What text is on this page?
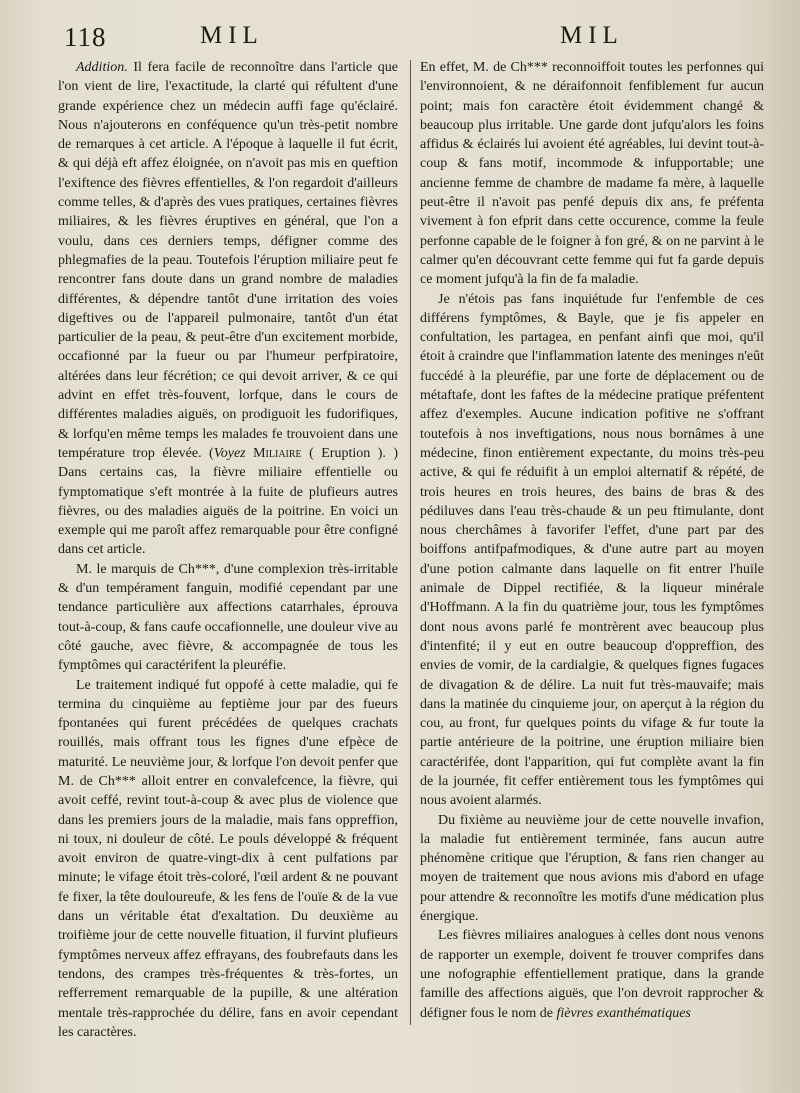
118	MIL	MIL

Addition. Il fera facile de reconnoître dans l'article que l'on vient de lire, l'exactitude, la clarté qui réfultent d'une grande expérience chez un médecin auffi fage qu'éclairé. Nous n'ajouterons en conféquence qu'un très-petit nombre de remarques à cet article. A l'époque à laquelle il fut écrit, & qui déjà eft affez éloignée, on n'avoit pas mis en queftion l'exiftence des fièvres effentielles, & l'on regardoit d'ailleurs comme telles, & d'après des vues pratiques, certaines fièvres miliaires, & les fièvres éruptives en général, que l'on a voulu, dans ces derniers temps, défigner comme des phlegmafies de la peau. Toutefois l'éruption miliaire peut fe rencontrer fans doute dans un grand nombre de maladies différentes, & dépendre tantôt d'une irritation des voies digeftives ou de l'appareil pulmonaire, tantôt d'un état particulier de la peau, & peut-être d'un excitement morbide, occafionné par la fueur ou par l'humeur perfpiratoire, altérées dans leur fécrétion; ce qui devoit arriver, & ce qui advint en effet très-fouvent, lorfque, dans le cours de différentes maladies aiguës, on prodiguoit les fudorifiques, & lorfqu'en même temps les malades fe trouvoient dans une température trop élevée. (Voyez Miliaire ( Eruption ). ) Dans certains cas, la fièvre miliaire effentielle ou fymptomatique s'eft montrée à la fuite de plufieurs autres fièvres, ou des maladies aiguës de la poitrine. En voici un exemple qui me paroît affez remarquable pour être configné dans cet article.

M. le marquis de Ch***, d'une complexion très-irritable & d'un tempérament fanguin, modifié cependant par une tendance particulière aux affections catarrhales, éprouva tout-à-coup, & fans caufe occafionnelle, une douleur vive au côté gauche, avec fièvre, & accompagnée de tous les fymptômes qui caractérifent la pleuréfie.

Le traitement indiqué fut oppofé à cette maladie, qui fe termina du cinquième au feptième jour par des fueurs fpontanées qui furent précédées de quelques crachats rouillés, mais offrant tous les fignes d'une efpèce de maturité. Le neuvième jour, & lorfque l'on devoit penfer que M. de Ch*** alloit entrer en convalefcence, la fièvre, qui avoit ceffé, revint tout-à-coup & avec plus de violence que dans les premiers jours de la maladie, mais fans oppreffion, ni toux, ni douleur de côté. Le pouls développé & fréquent avoit environ de quatre-vingt-dix à cent pulfations par minute; le vifage étoit très-coloré, l'œil ardent & ne pouvant fe fixer, la tête douloureufe, & les fens de l'ouïe & de la vue dans un véritable état d'exaltation. Du deuxième au troifième jour de cette nouvelle fituation, il furvint plufieurs fymptômes nerveux affez effrayans, des foubrefauts dans les tendons, des crampes très-fréquentes & très-fortes, un refferrement remarquable de la pupille, & une altération mentale très-rapprochée du délire, fans en avoir cependant les caractères.

En effet, M. de Ch*** reconnoiffoit toutes les perfonnes qui l'environnoient, & ne déraifonnoit fenfiblement fur aucun point; mais fon caractère étoit évidemment changé & beaucoup plus irritable. Une garde dont jufqu'alors les foins affidus & éclairés lui avoient été agréables, lui devint tout-à-coup & fans motif, incommode & infupportable; une ancienne femme de chambre de madame fa mère, à laquelle peut-être il n'avoit pas penfé depuis dix ans, fe préfenta vivement à fon efprit dans cette occurence, comme la feule perfonne capable de le foigner à fon gré, & on ne parvint à le calmer qu'en découvrant cette femme qui fut fa garde depuis ce moment jufqu'à la fin de fa maladie.

Je n'étois pas fans inquiétude fur l'enfemble de ces différens fymptômes, & Bayle, que je fis appeler en confultation, les partagea, en penfant ainfi que moi, qu'il étoit à craindre que l'inflammation latente des meninges n'eût fuccédé à la pleuréfie, par une forte de déplacement ou de métaftafe, dont les faftes de la médecine pratique préfentent affez d'exemples. Aucune indication pofitive ne s'offrant toutefois à nos inveftigations, nous nous bornâmes à une médecine, finon entièrement expectante, du moins très-peu active, & qui fe réduifit à un emploi alternatif & répété, de trois heures en trois heures, des bains de bras & des pédiluves dans l'eau très-chaude & un peu ftimulante, dont nous cherchâmes à favorifer l'effet, d'une part par des boiffons antifpafmodiques, & d'une autre part au moyen d'une potion calmante dans laquelle on fit entrer l'huile animale de Dippel rectifiée, & la liqueur minérale d'Hoffmann. A la fin du quatrième jour, tous les fymptômes dont nous avons parlé fe montrèrent avec beaucoup plus d'intenfité; il y eut en outre beaucoup d'oppreffion, des envies de vomir, de la cardialgie, & quelques fignes fugaces de divagation & de délire. La nuit fut très-mauvaife; mais dans la matinée du cinquieme jour, on aperçut à la région du cou, au front, fur quelques points du vifage & fur toute la partie antérieure de la poitrine, une éruption miliaire bien caractérifée, dont l'apparition, qui fut complète avant la fin de la journée, fit ceffer entièrement tous les fymptômes qui nous avoient alarmés.

Du fixième au neuvième jour de cette nouvelle invafion, la maladie fut entièrement terminée, fans aucun autre phénomène critique que l'éruption, & fans rien changer au moyen de traitement que nous avions mis d'abord en ufage pour attendre & reconnoître les motifs d'une médication plus énergique.

Les fièvres miliaires analogues à celles dont nous venons de rapporter un exemple, doivent fe trouver comprifes dans une nofographie effentiellement pratique, dans la grande famille des affections aiguës, que l'on devroit rapprocher & défigner fous le nom de fièvres exanthématiques
